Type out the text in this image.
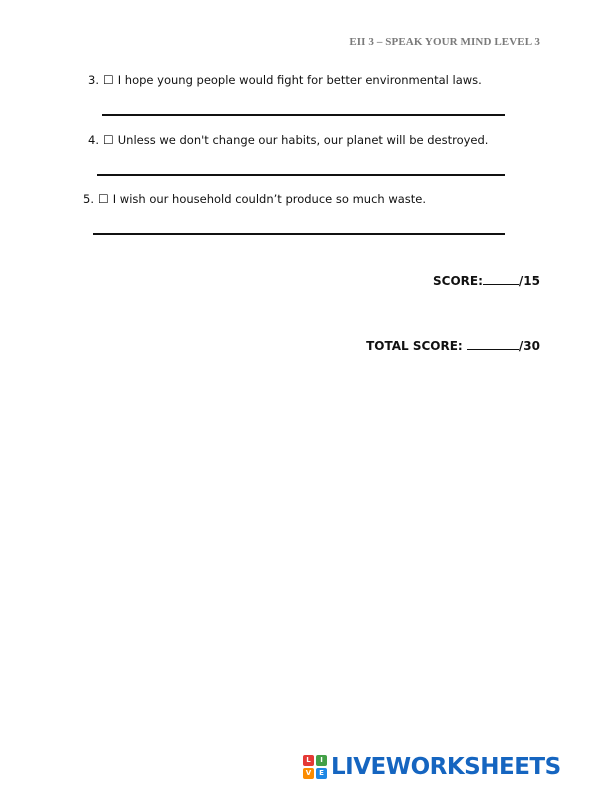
EII 3 – SPEAK YOUR MIND LEVEL 3
3. ☐ I hope young people would fight for better environmental laws.
4. ☐ Unless we don't change our habits, our planet will be destroyed.
5. ☐ I wish our household couldn’t produce so much waste.
SCORE:	/15
TOTAL SCORE:	/30
L	I
V	E LIVEWORKSHEETS
